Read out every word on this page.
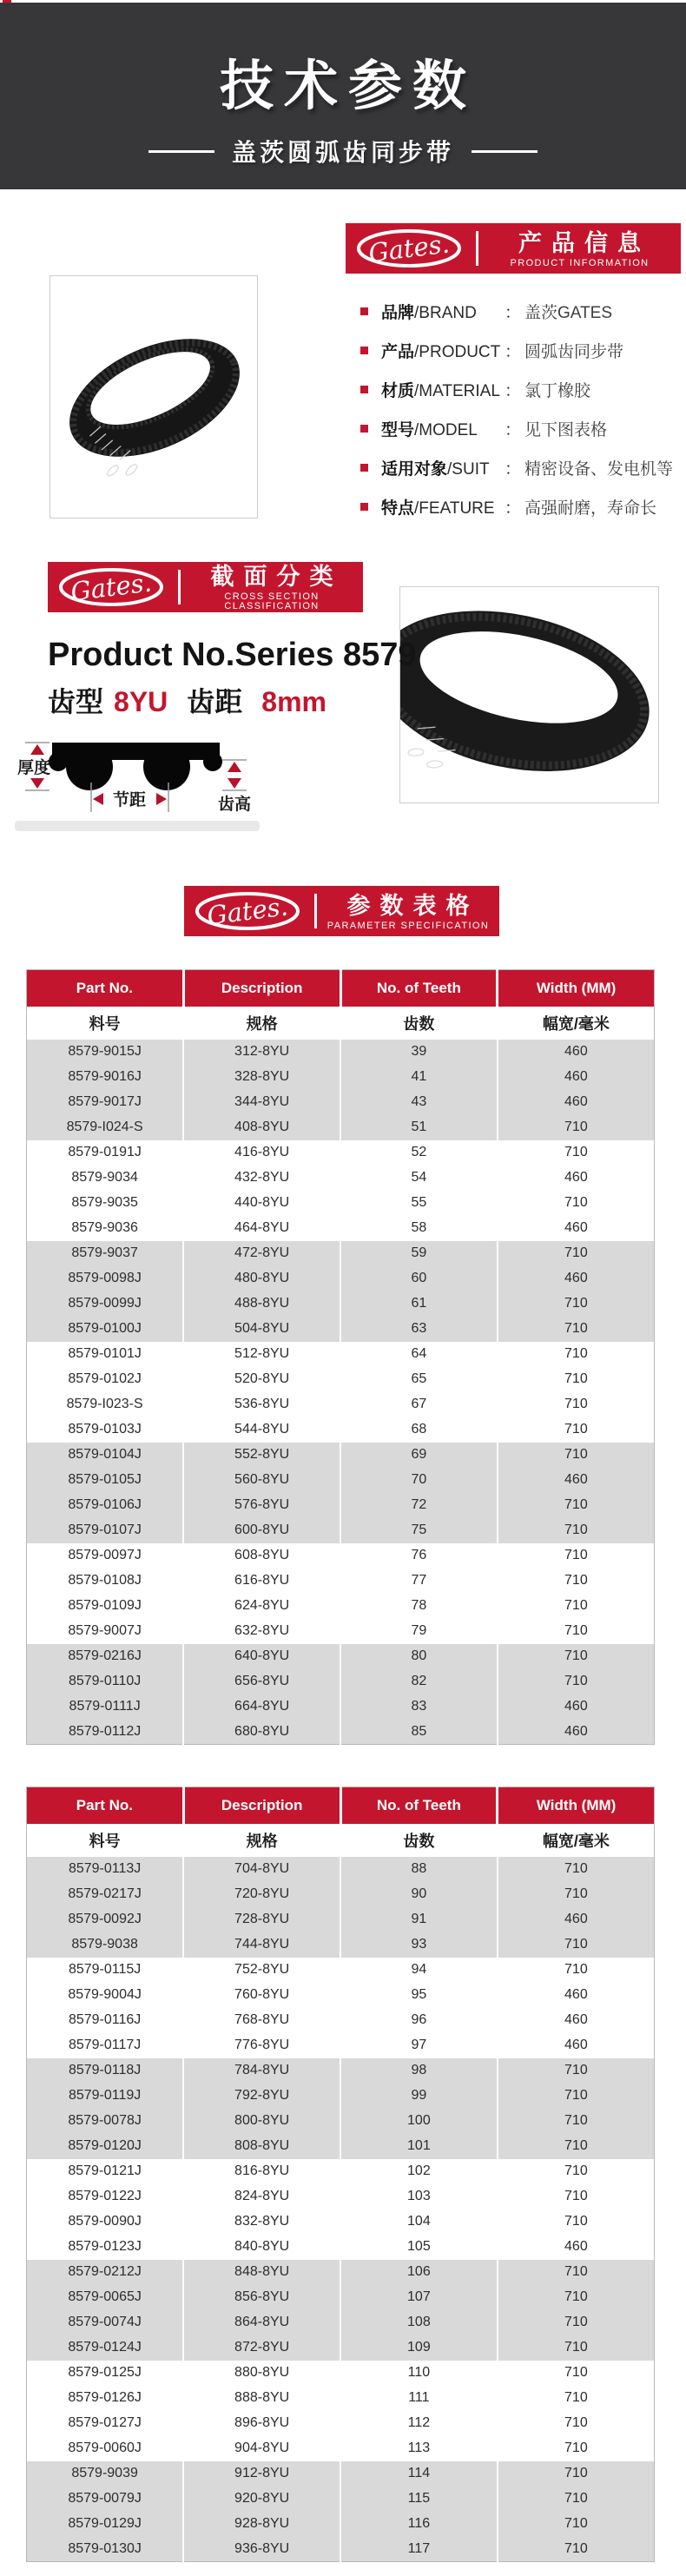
技术参数
盖茨圆弧齿同步带
Gates.	产品信息
PRODUCT INFORMATION
品牌/BRAND	： 盖茨GATES
产品/PRODUCT ： 圆弧齿同步带
材质/MATERIAL ： 氯丁橡胶
型号/MODEL	： 见下图表格
适用对象/SUIT ： 精密设备、发电机等
特点/FEATURE ： 高强耐磨，寿命长
Gates.	截面分类
CROSS SECTION CLASSIFICATION
Product No.Series 8579
齿型 8YU 齿距 8mm
厚度
节距	齿高
Gates.	参数表格
PARAMETER SPECIFICATION
Part No.	Description	No. of Teeth	Width (MM)
料号	规格	齿数	幅宽/毫米
8579-9015J	312-8YU	39	460
8579-9016J	328-8YU	41	460
8579-9017J	344-8YU	43	460
8579-I024-S	408-8YU	51	710
8579-0191J	416-8YU	52	710
8579-9034	432-8YU	54	460
8579-9035	440-8YU	55	710
8579-9036	464-8YU	58	460
8579-9037	472-8YU	59	710
8579-0098J	480-8YU	60	460
8579-0099J	488-8YU	61	710
8579-0100J	504-8YU	63	710
8579-0101J	512-8YU	64	710
8579-0102J	520-8YU	65	710
8579-I023-S	536-8YU	67	710
8579-0103J	544-8YU	68	710
8579-0104J	552-8YU	69	710
8579-0105J	560-8YU	70	460
8579-0106J	576-8YU	72	710
8579-0107J	600-8YU	75	710
8579-0097J	608-8YU	76	710
8579-0108J	616-8YU	77	710
8579-0109J	624-8YU	78	710
8579-9007J	632-8YU	79	710
8579-0216J	640-8YU	80	710
8579-0110J	656-8YU	82	710
8579-0111J	664-8YU	83	460
8579-0112J	680-8YU	85	460
Part No.	Description	No. of Teeth	Width (MM)
料号	规格	齿数	幅宽/毫米
8579-0113J	704-8YU	88	710
8579-0217J	720-8YU	90	710
8579-0092J	728-8YU	91	460
8579-9038	744-8YU	93	710
8579-0115J	752-8YU	94	710
8579-9004J	760-8YU	95	460
8579-0116J	768-8YU	96	460
8579-0117J	776-8YU	97	460
8579-0118J	784-8YU	98	710
8579-0119J	792-8YU	99	710
8579-0078J	800-8YU	100	710
8579-0120J	808-8YU	101	710
8579-0121J	816-8YU	102	710
8579-0122J	824-8YU	103	710
8579-0090J	832-8YU	104	710
8579-0123J	840-8YU	105	460
8579-0212J	848-8YU	106	710
8579-0065J	856-8YU	107	710
8579-0074J	864-8YU	108	710
8579-0124J	872-8YU	109	710
8579-0125J	880-8YU	110	710
8579-0126J	888-8YU	111	710
8579-0127J	896-8YU	112	710
8579-0060J	904-8YU	113	710
8579-9039	912-8YU	114	710
8579-0079J	920-8YU	115	710
8579-0129J	928-8YU	116	710
8579-0130J	936-8YU	117	710
